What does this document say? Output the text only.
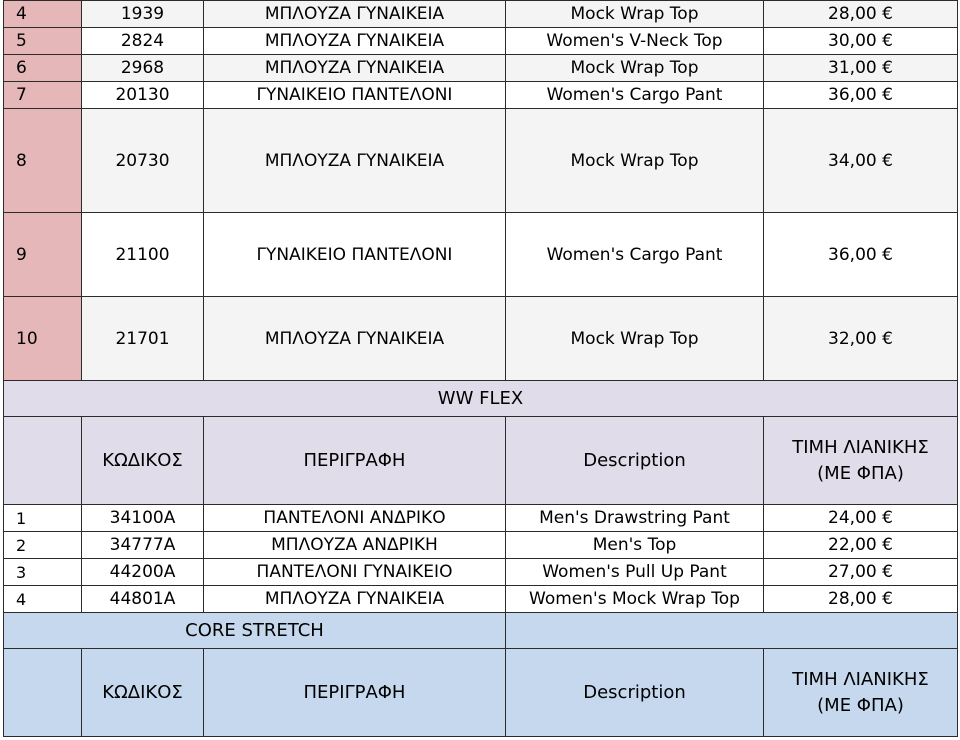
4	1939	ΜΠΛΟΥΖΑ ΓΥΝΑΙΚΕΙΑ	Mock Wrap Top	28,00 €
5	2824	ΜΠΛΟΥΖΑ ΓΥΝΑΙΚΕΙΑ	Women's V-Neck Top	30,00 €
6	2968	ΜΠΛΟΥΖΑ ΓΥΝΑΙΚΕΙΑ	Mock Wrap Top	31,00 €
7	20130	ΓΥΝΑΙΚΕΙΟ ΠΑΝΤΕΛΟΝΙ	Women's Cargo Pant	36,00 €
8	20730	ΜΠΛΟΥΖΑ ΓΥΝΑΙΚΕΙΑ	Mock Wrap Top	34,00 €
9	21100	ΓΥΝΑΙΚΕΙΟ ΠΑΝΤΕΛΟΝΙ	Women's Cargo Pant	36,00 €
10	21701	ΜΠΛΟΥΖΑ ΓΥΝΑΙΚΕΙΑ	Mock Wrap Top	32,00 €
WW FLEX				
	ΚΩΔΙΚΟΣ	ΠΕΡΙΓΡΑΦΗ	Description	ΤΙΜΗ ΛΙΑΝΙΚΗΣ
(ΜΕ ΦΠΑ)

1	34100A	ΠΑΝΤΕΛΟΝΙ ΑΝΔΡΙΚΟ	Men's Drawstring Pant	24,00 €
2	34777A	ΜΠΛΟΥΖΑ ΑΝΔΡΙΚΗ	Men's Top	22,00 €
3	44200A	ΠΑΝΤΕΛΟΝΙ ΓΥΝΑΙΚΕΙΟ	Women's Pull Up Pant	27,00 €
4	44801A	ΜΠΛΟΥΖΑ ΓΥΝΑΙΚΕΙΑ	Women's Mock Wrap Top	28,00 €
CORE STRETCH				
	ΚΩΔΙΚΟΣ	ΠΕΡΙΓΡΑΦΗ	Description	ΤΙΜΗ ΛΙΑΝΙΚΗΣ
(ΜΕ ΦΠΑ)
